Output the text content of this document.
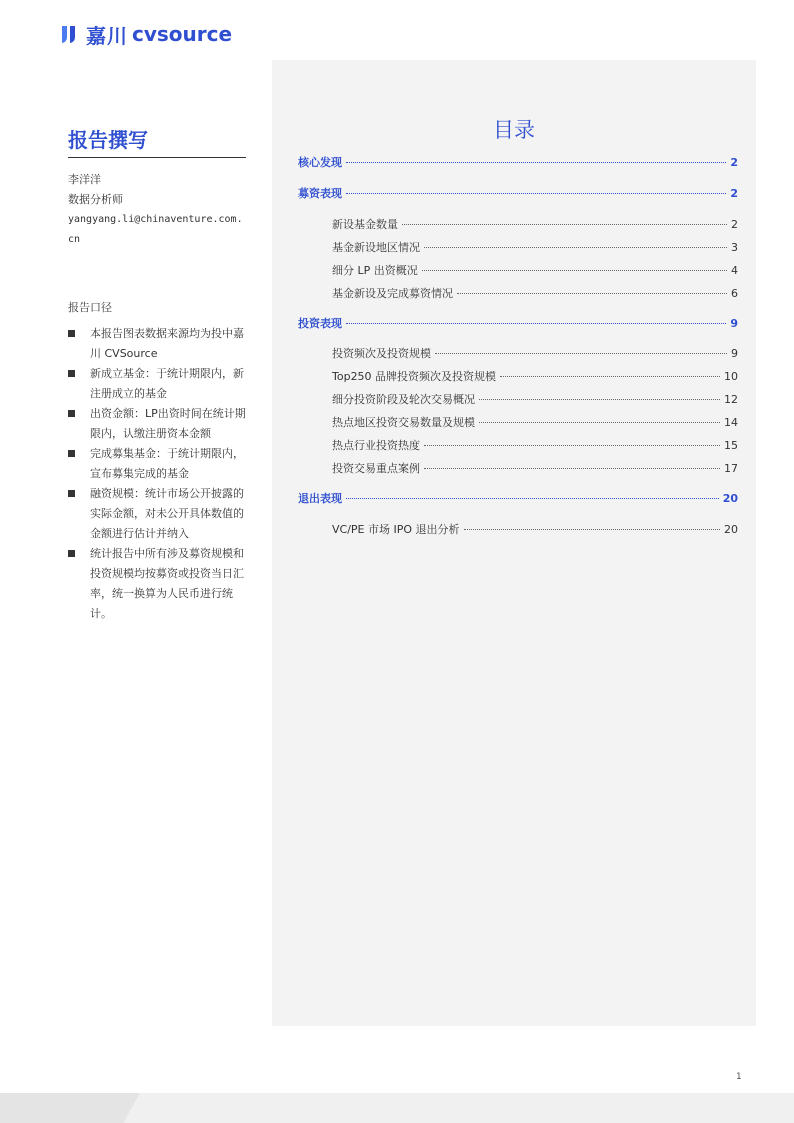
嘉川 cvsource
报告撰写
李洋洋
数据分析师
yangyang.li@chinaventure.com.cn
报告口径
本报告图表数据来源均为投中嘉川 CVSource
新成立基金：于统计期限内，新注册成立的基金
出资金额：LP出资时间在统计期限内，认缴注册资本金额
完成募集基金：于统计期限内，宣布募集完成的基金
融资规模：统计市场公开披露的实际金额，对未公开具体数值的金额进行估计并纳入
统计报告中所有涉及募资规模和投资规模均按募资或投资当日汇率，统一换算为人民币进行统计。
目录
核心发现	2
募资表现	2
新设基金数量	2
基金新设地区情况	3
细分 LP 出资概况	4
基金新设及完成募资情况	6
投资表现	9
投资频次及投资规模	9
Top250 品牌投资频次及投资规模	10
细分投资阶段及轮次交易概况	12
热点地区投资交易数量及规模	14
热点行业投资热度	15
投资交易重点案例	17
退出表现	20
VC/PE 市场 IPO 退出分析	20
1
